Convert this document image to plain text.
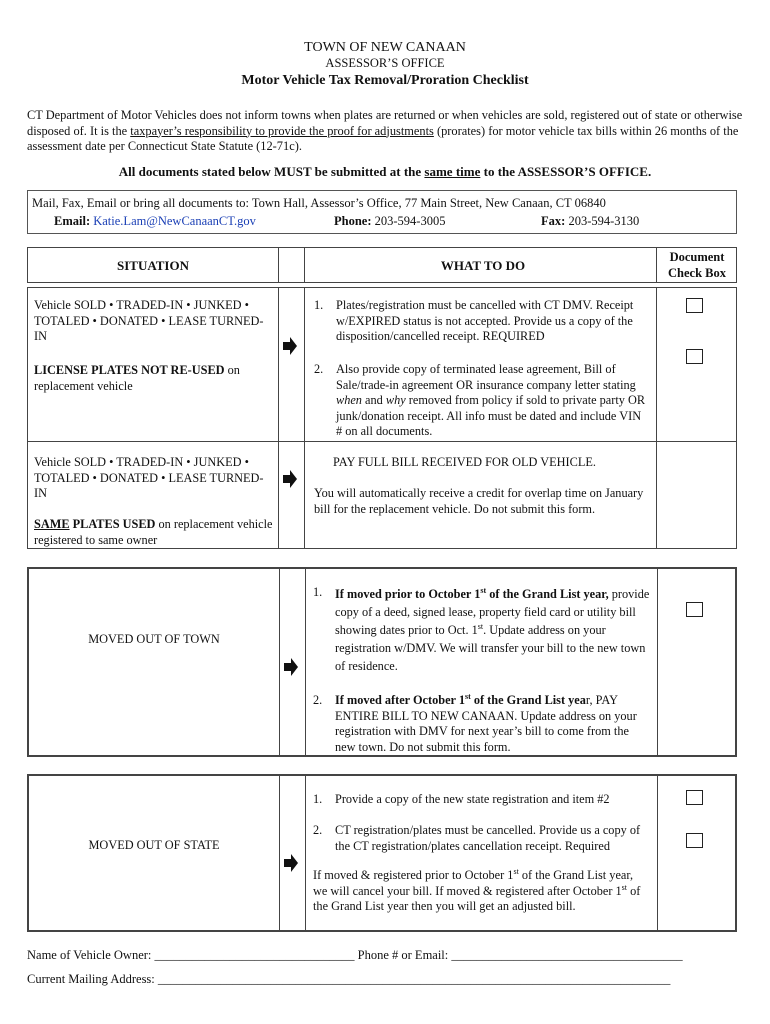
TOWN OF NEW CANAAN
ASSESSOR’S OFFICE
Motor Vehicle Tax Removal/Proration Checklist
CT Department of Motor Vehicles does not inform towns when plates are returned or when vehicles are sold, registered out of state or otherwise disposed of. It is the taxpayer’s responsibility to provide the proof for adjustments (prorates) for motor vehicle tax bills within 26 months of the assessment date per Connecticut State Statute (12-71c).
All documents stated below MUST be submitted at the same time to the ASSESSOR’S OFFICE.
Mail, Fax, Email or bring all documents to: Town Hall, Assessor’s Office, 77 Main Street, New Canaan, CT 06840
Email: Katie.Lam@NewCanaanCT.gov	Phone: 203-594-3005	Fax: 203-594-3130
SITUATION	WHAT TO DO
Document
Check Box
Vehicle SOLD • TRADED-IN • JUNKED • TOTALED • DONATED • LEASE TURNED-IN
LICENSE PLATES NOT RE-USED on replacement vehicle
1. Plates/registration must be cancelled with CT DMV. Receipt w/EXPIRED status is not accepted. Provide us a copy of the disposition/cancelled receipt. REQUIRED
2. Also provide copy of terminated lease agreement, Bill of Sale/trade-in agreement OR insurance company letter stating when and why removed from policy if sold to private party OR junk/donation receipt. All info must be dated and include VIN # on all documents.
Vehicle SOLD • TRADED-IN • JUNKED • TOTALED • DONATED • LEASE TURNED-IN
SAME PLATES USED on replacement vehicle registered to same owner
PAY FULL BILL RECEIVED FOR OLD VEHICLE.
You will automatically receive a credit for overlap time on January bill for the replacement vehicle. Do not submit this form.
MOVED OUT OF TOWN
1. If moved prior to October 1st of the Grand List year, provide copy of a deed, signed lease, property field card or utility bill showing dates prior to Oct. 1st. Update address on your registration w/DMV. We will transfer your bill to the new town of residence.
2. If moved after October 1st of the Grand List year, PAY ENTIRE BILL TO NEW CANAAN. Update address on your registration with DMV for next year’s bill to come from the new town. Do not submit this form.
MOVED OUT OF STATE
1. Provide a copy of the new state registration and item #2
2. CT registration/plates must be cancelled. Provide us a copy of the CT registration/plates cancellation receipt. Required
If moved & registered prior to October 1st of the Grand List year, we will cancel your bill. If moved & registered after October 1st of the Grand List year then you will get an adjusted bill.
Name of Vehicle Owner: ________________________________ Phone # or Email: _____________________________________
Current Mailing Address: __________________________________________________________________________________
